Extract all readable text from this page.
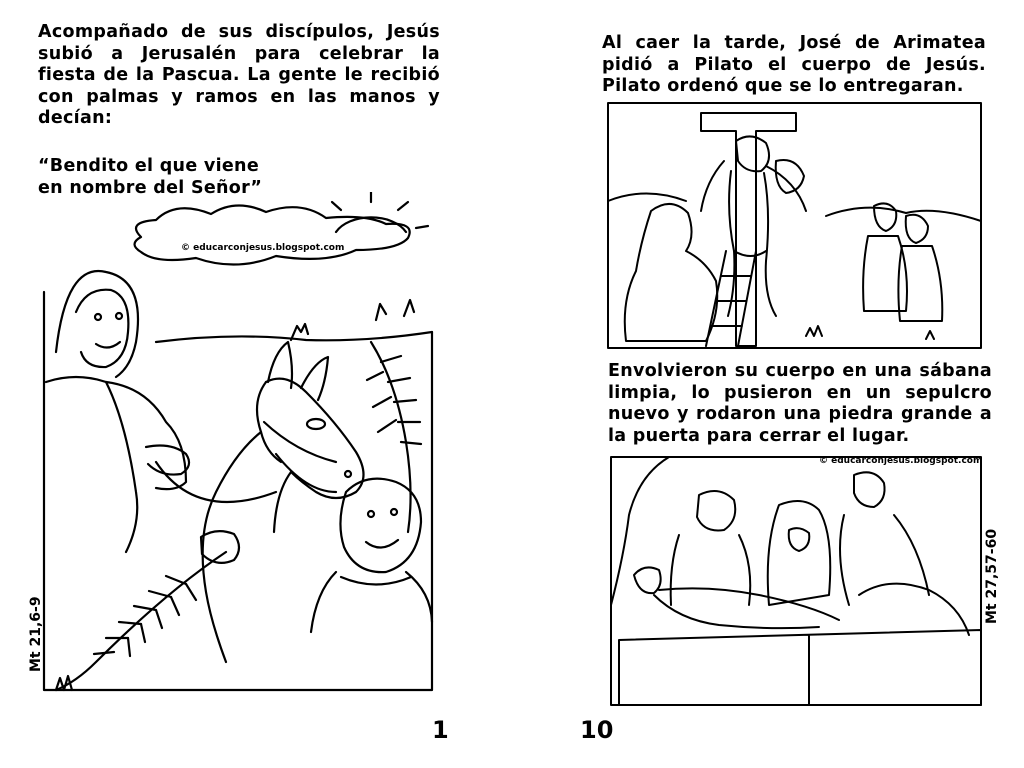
Acompañado de sus discípulos, Jesús

subió a Jerusalén para celebrar la

fiesta de la Pascua. La gente le recibió

con palmas y ramos en las manos y

decían:

“Bendito el que viene

en nombre del Señor”

© educarconjesus.blogspot.com
Mt 21,6-9
1

Al caer la tarde, José de Arimatea

pidió a Pilato el cuerpo de Jesús.

Pilato ordenó que se lo entregaran.

Envolvieron su cuerpo en una sábana

limpia, lo pusieron en un sepulcro

nuevo y rodaron una piedra grande a

la puerta para cerrar el lugar.

© educarconjesus.blogspot.com
Mt 27,57-60
10
